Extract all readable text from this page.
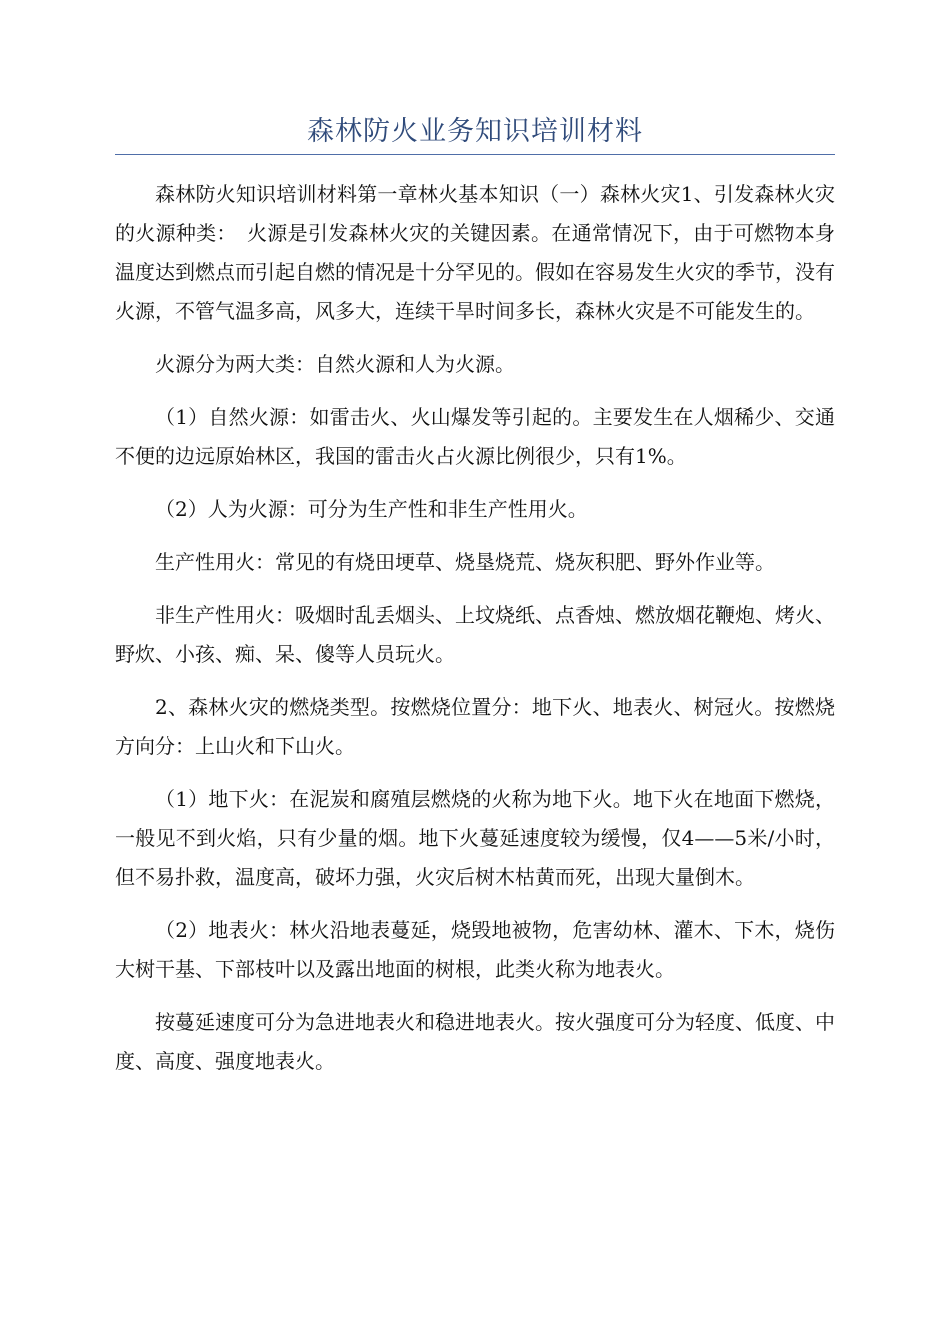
森林防火业务知识培训材料

森林防火知识培训材料第一章林火基本知识（一）森林火灾1、引发森林火灾的火源种类：　火源是引发森林火灾的关键因素。在通常情况下，由于可燃物本身温度达到燃点而引起自燃的情况是十分罕见的。假如在容易发生火灾的季节，没有火源，不管气温多高，风多大，连续干旱时间多长，森林火灾是不可能发生的。

火源分为两大类：自然火源和人为火源。

（1）自然火源：如雷击火、火山爆发等引起的。主要发生在人烟稀少、交通不便的边远原始林区，我国的雷击火占火源比例很少，只有1%。

（2）人为火源：可分为生产性和非生产性用火。

生产性用火：常见的有烧田埂草、烧垦烧荒、烧灰积肥、野外作业等。

非生产性用火：吸烟时乱丢烟头、上坟烧纸、点香烛、燃放烟花鞭炮、烤火、野炊、小孩、痴、呆、傻等人员玩火。

2、森林火灾的燃烧类型。按燃烧位置分：地下火、地表火、树冠火。按燃烧方向分：上山火和下山火。

（1）地下火：在泥炭和腐殖层燃烧的火称为地下火。地下火在地面下燃烧，一般见不到火焰，只有少量的烟。地下火蔓延速度较为缓慢，仅4——5米/小时，但不易扑救，温度高，破坏力强，火灾后树木枯黄而死，出现大量倒木。

（2）地表火：林火沿地表蔓延，烧毁地被物，危害幼林、灌木、下木，烧伤大树干基、下部枝叶以及露出地面的树根，此类火称为地表火。

按蔓延速度可分为急进地表火和稳进地表火。按火强度可分为轻度、低度、中度、高度、强度地表火。
